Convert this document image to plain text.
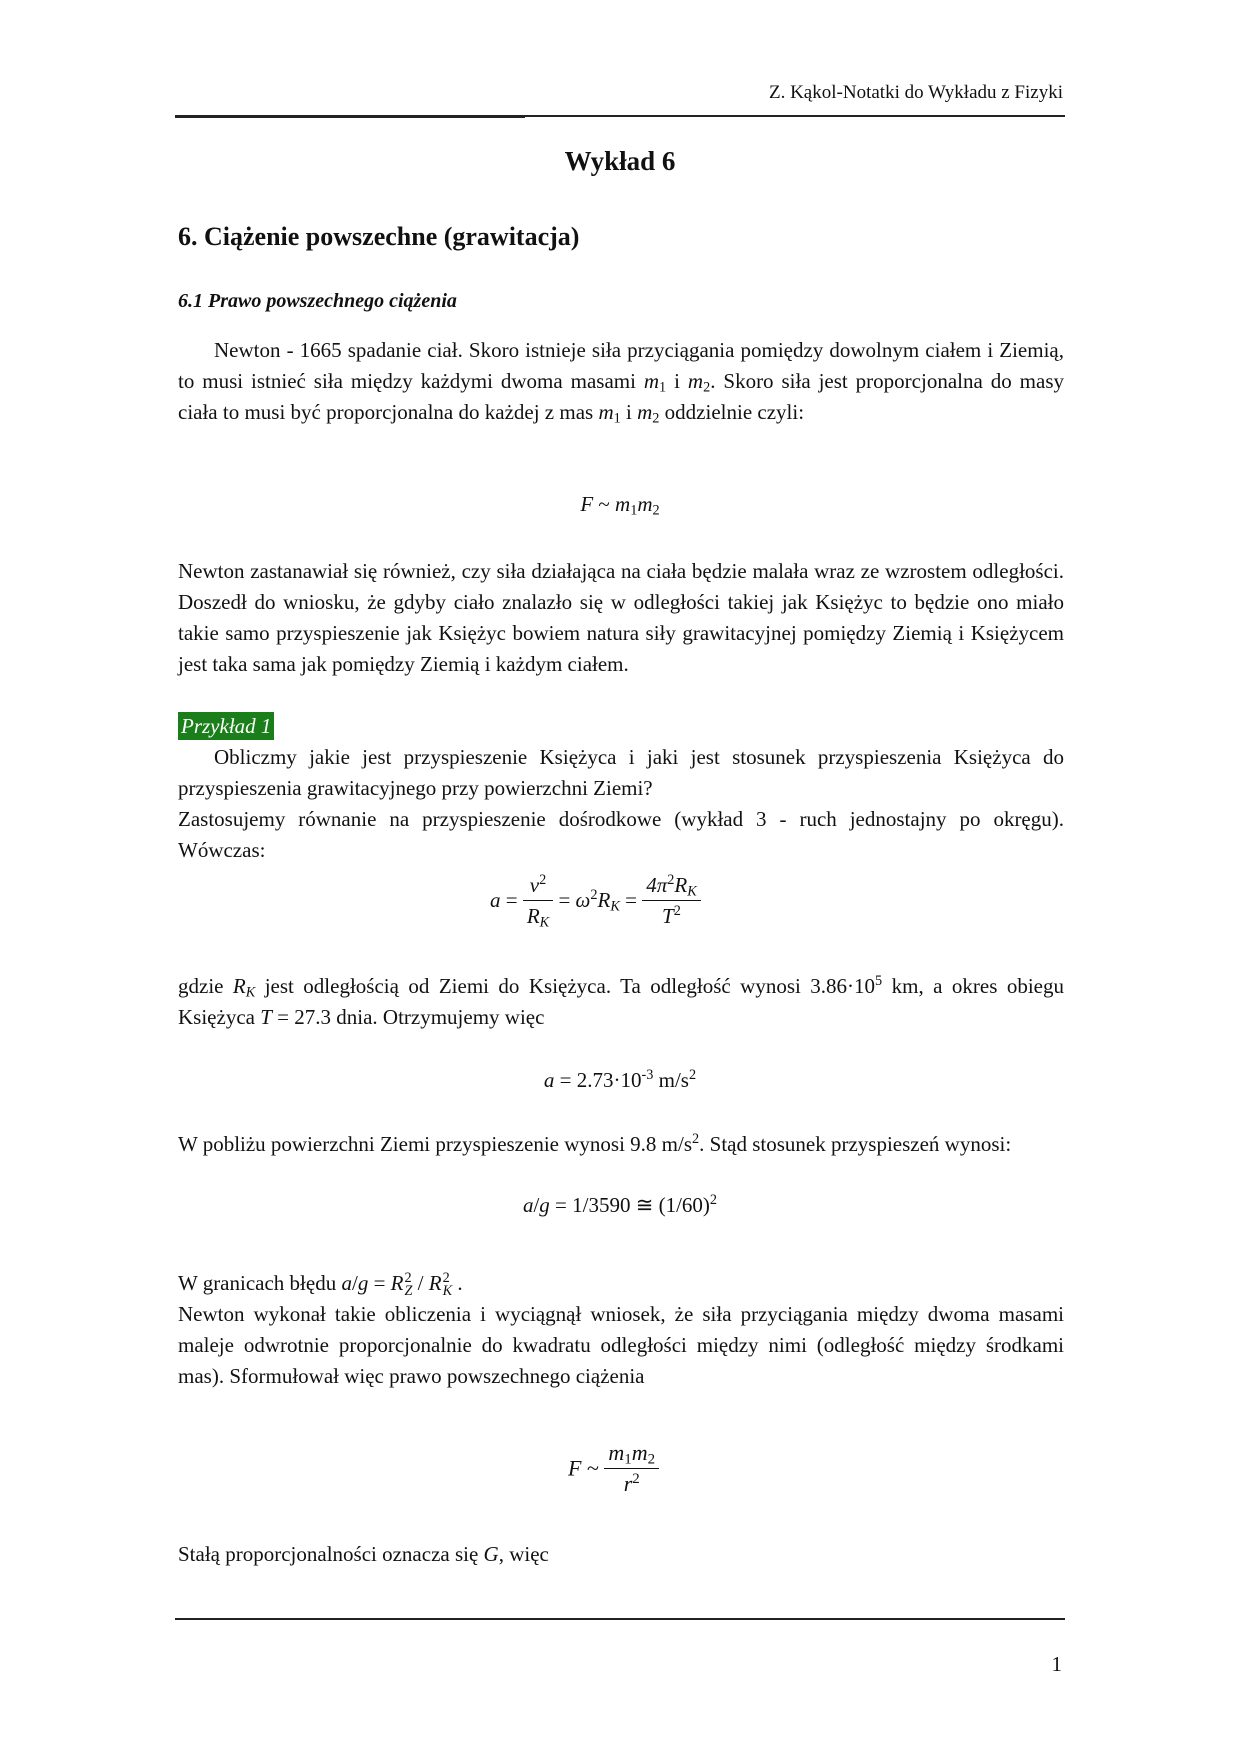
Z. Kąkol-Notatki do Wykładu z Fizyki
Wykład 6
6. Ciążenie powszechne (grawitacja)
6.1 Prawo powszechnego ciążenia

Newton - 1665 spadanie ciał. Skoro istnieje siła przyciągania pomiędzy dowolnym ciałem i Ziemią, to musi istnieć siła między każdymi dwoma masami $m_1$ i $m_2$. Skoro siła jest proporcjonalna do masy ciała to musi być proporcjonalna do każdej z mas $m_1$ i $m_2$ oddzielnie czyli:

F ~ $m_1m_2$

Newton zastanawiał się również, czy siła działająca na ciała będzie malała wraz ze wzrostem odległości. Doszedł do wniosku, że gdyby ciało znalazło się w odległości takiej jak Księżyc to będzie ono miało takie samo przyspieszenie jak Księżyc bowiem natura siły grawitacyjnej pomiędzy Ziemią i Księżycem jest taka sama jak pomiędzy Ziemią i każdym ciałem.

Przykład 1

Obliczmy jakie jest przyspieszenie Księżyca i jaki jest stosunek przyspieszenia Księżyca do przyspieszenia grawitacyjnego przy powierzchni Ziemi?

Zastosujemy równanie na przyspieszenie dośrodkowe (wykład 3 - ruch jednostajny po okręgu). Wówczas:

$a = \frac{v^2}{R_K} = \omega^2R_K = \frac{4\pi^2R_K}{T^2}$

gdzie $R_K$ jest odległością od Ziemi do Księżyca. Ta odległość wynosi $3.86\cdot 10^5$ km, a okres obiegu Księżyca T = 27.3 dnia. Otrzymujemy więc

$a = 2.73\cdot 10^{-3}$ $m/s^2$

W pobliżu powierzchni Ziemi przyspieszenie wynosi 9.8 $m/s^2$. Stąd stosunek przyspieszeń wynosi:

a/g = 1/3590 ≅ $(1/60)^2$

W granicach błędu a/g = R 2
Z / R 2
K .

Newton wykonał takie obliczenia i wyciągnął wniosek, że siła przyciągania między dwoma masami maleje odwrotnie proporcjonalnie do kwadratu odległości między nimi (odległość między środkami mas). Sformułował więc prawo powszechnego ciążenia

F ~ $\frac{m_1m_2}{r^2}$

Stałą proporcjonalności oznacza się G, więc

1
